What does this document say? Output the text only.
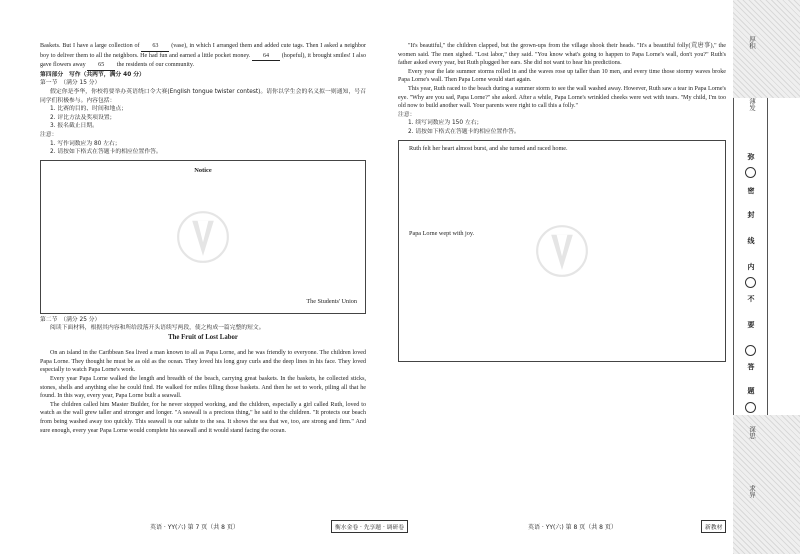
Baskets. But I have a large collection of 63 (vase), in which I arranged them and added cute tags. Then I asked a neighbor boy to deliver them to all the neighbors. He had fun and earned a little pocket money. 64 (hopeful), it brought smiles! I also gave flowers away 65 the residents of our community.

第四部分　写作（共两节，满分 40 分）

第一节　（满分 15 分）

假定你是李华，你校将要举办英语绕口令大赛(English tongue twister contest)。请你以学生会的名义拟一则通知，号召同学们积极参与。内容包括：

1. 比赛的目的、时间和地点；

2. 评比方法及奖项设置；

3. 报名截止日期。

注意：

1. 写作词数应为 80 左右；

2. 请按如下格式在答题卡的相应位置作答。

Notice
The Students' Union

第二节　（满分 25 分）

阅读下面材料，根据其内容和所给段落开头语续写两段，使之构成一篇完整的短文。

The Fruit of Lost Labor

On an island in the Caribbean Sea lived a man known to all as Papa Lorne, and he was friendly to everyone. The children loved Papa Lorne. They thought he must be as old as the ocean. They loved his long gray curls and the deep lines in his face. They loved especially to watch Papa Lorne's work.

Every year Papa Lorne walked the length and breadth of the beach, carrying great baskets. In the baskets, he collected sticks, stones, shells and anything else he could find. He walked for miles filling those baskets. And then he set to work, piling all that he found. In this way, every year, Papa Lorne built a seawall.

The children called him Master Builder, for he never stopped working, and the children, especially a girl called Ruth, loved to watch as the wall grew taller and stronger and longer. "A seawall is a precious thing," he said to the children. "It protects our beach from being washed away too quickly. This seawall is our salute to the sea. It shows the sea that we, too, are strong and firm." And sure enough, every year Papa Lorne would complete his seawall and it would stand facing the ocean.

"It's beautiful," the children clapped, but the grown-ups from the village shook their heads. "It's a beautiful folly(荒唐事)," the women said. The men sighed. "Lost labor," they said. "You know what's going to happen to Papa Lorne's wall, don't you?" Ruth's father asked every year, but Ruth plugged her ears. She did not want to hear his predictions.

Every year the late summer storms rolled in and the waves rose up taller than 10 men, and every time those stormy waves broke Papa Lorne's wall. Then Papa Lorne would start again.

This year, Ruth raced to the beach during a summer storm to see the wall washed away. However, Ruth saw a tear in Papa Lorne's eye. "Why are you sad, Papa Lorne?" she asked. After a while, Papa Lorne's wrinkled cheeks were wet with tears. "My child, I'm too old now to build another wall. Your parents were right to call this a folly."

注意：

1. 续写词数应为 150 左右；

2. 请按如下格式在答题卡的相应位置作答。

Ruth felt her heart almost burst, and she turned and raced home.
Papa Lorne wept with joy.
英语 · YY(六) 第 7 页（共 8 页）	衡水金卷 · 先享题 · 调研卷	英语 · YY(六) 第 8 页（共 8 页）	新教材
厚积
薄发
深思
求异
弥
密
封
线
内
不
要
答
题
